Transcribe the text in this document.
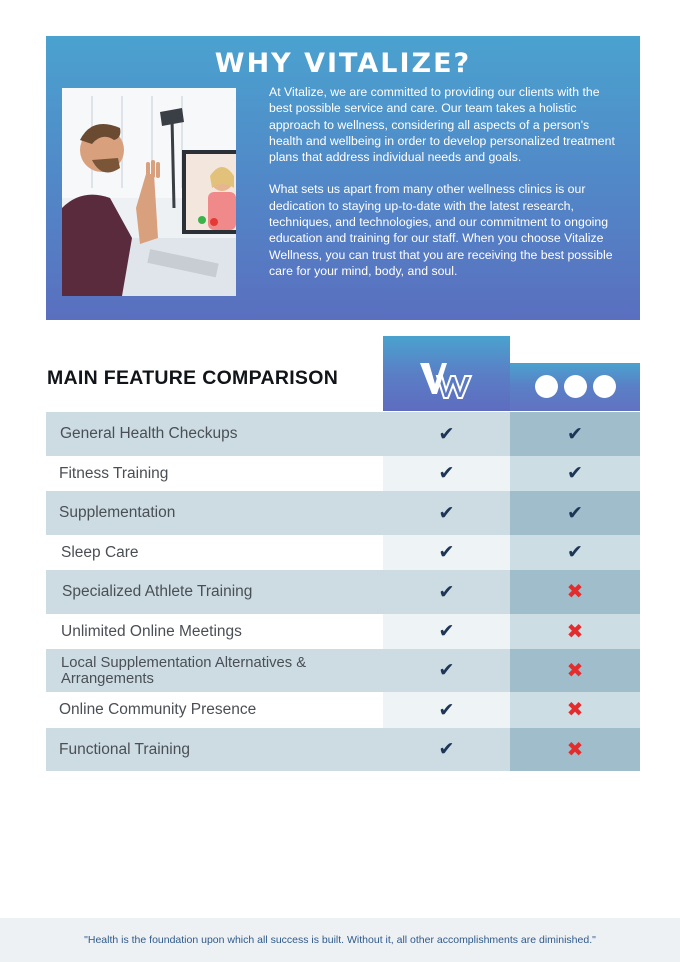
WHY VITALIZE?

At Vitalize, we are committed to providing our clients with the best possible service and care. Our team takes a holistic approach to wellness, considering all aspects of a person's health and wellbeing in order to develop personalized treatment plans that address individual needs and goals.

What sets us apart from many other wellness clinics is our dedication to staying up-to-date with the latest research, techniques, and technologies, and our commitment to ongoing education and training for our staff. When you choose Vitalize Wellness, you can trust that you are receiving the best possible care for your mind, body, and soul.

MAIN FEATURE COMPARISON
General Health Checkups	✔	✔
Fitness Training	✔	✔
Supplementation	✔	✔
Sleep Care	✔	✔
Specialized Athlete Training	✔	✖
Unlimited Online Meetings	✔	✖
Local Supplementation Alternatives & Arrangements	✔	✖
Online Community Presence	✔	✖
Functional Training	✔	✖
"Health is the foundation upon which all success is built. Without it, all other accomplishments are diminished."
